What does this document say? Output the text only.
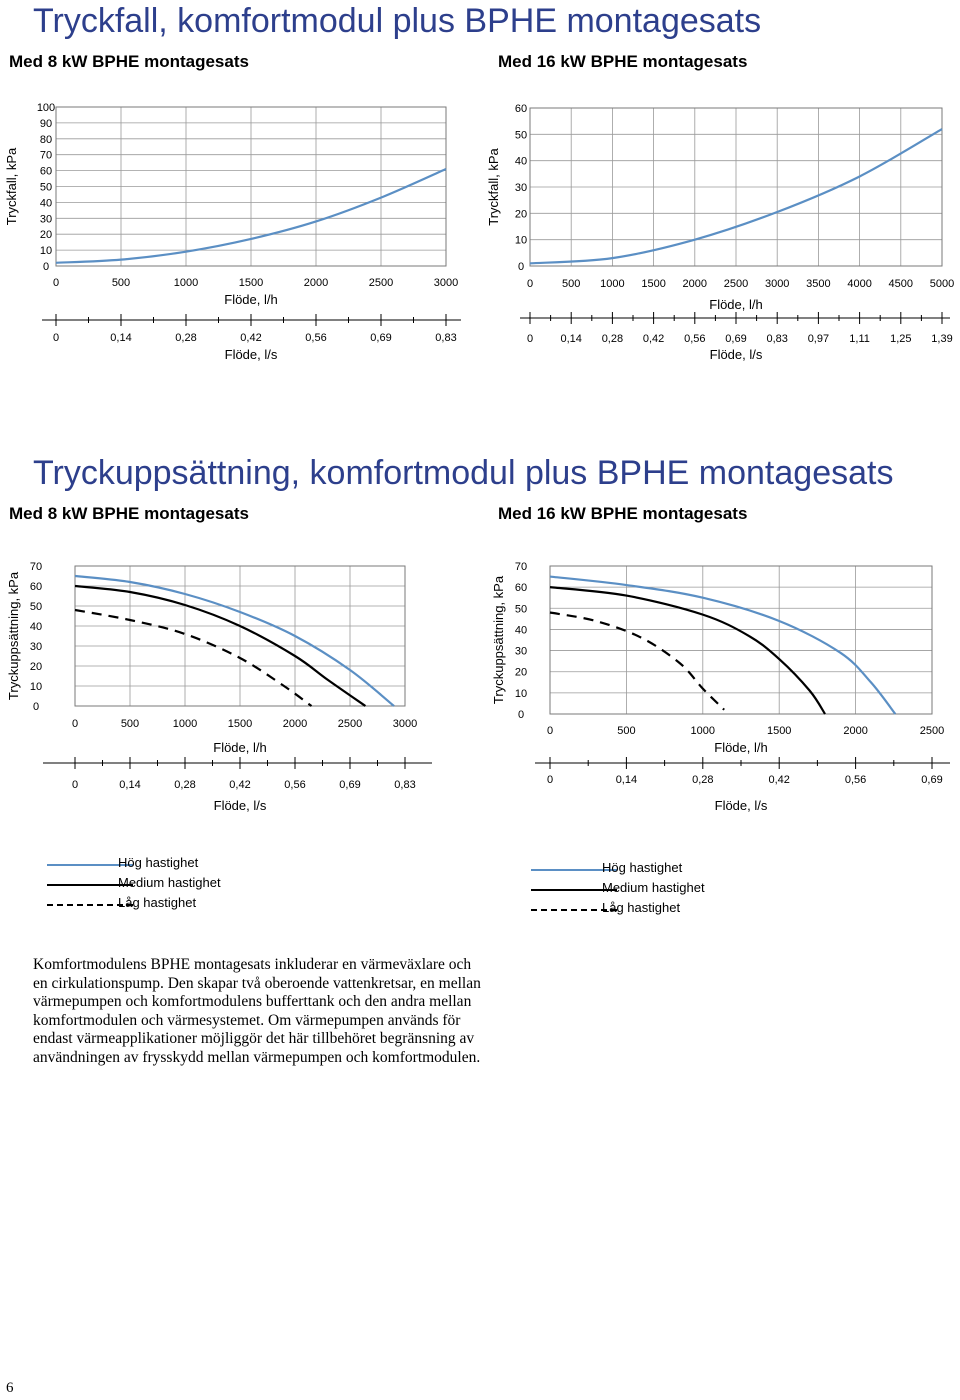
Tryckfall, komfortmodul plus BPHE montagesats
Med 8 kW BPHE montagesats	Med 16 kW BPHE montagesats
Tryckuppsättning, komfortmodul plus BPHE montagesats
Med 8 kW BPHE montagesats	Med 16 kW BPHE montagesats
0
10
20
30
40
50
60
70
80
90
100
0	500	1000	1500	2000	2500	3000
Tryckfall, kPa
Flöde, l/h
0	0,14	0,28	0,42	0,56	0,69	0,83
Flöde, l/s
0
10
20
30
40
50
60
0	500 1000 1500 2000 2500 3000 3500 4000 4500 5000
Tryckfall, kPa
Flöde, l/h
0 0,14 0,28 0,42 0,56 0,69 0,83 0,97 1,11 1,25 1,39
Flöde, l/s
0
10
20
30
40
50
60
70
0	500	1000	1500	2000	2500	3000
Tryckuppsättning, kPa
Flöde, l/h
0	0,14	0,28	0,42	0,56	0,69	0,83
Flöde, l/s
0
10
20
30
40
50
60
70
0	500	1000	1500	2000	2500
Tryckuppsättning, kPa
Flöde, l/h
0	0,14	0,28	0,42	0,56	0,69
Flöde, l/s
Hög hastighet
Medium hastighet
Låg hastighet
Hög hastighet
Medium hastighet
Låg hastighet
Komfortmodulens BPHE montagesats inkluderar en värmeväxlare och en cirkulationspump. Den skapar två oberoende vattenkretsar, en mellan värmepumpen och komfortmodulens bufferttank och den andra mellan komfortmodulen och värmesystemet. Om värmepumpen används för endast värmeapplikationer möjliggör det här tillbehöret begränsning av användningen av frysskydd mellan värmepumpen och komfortmodulen.
6
